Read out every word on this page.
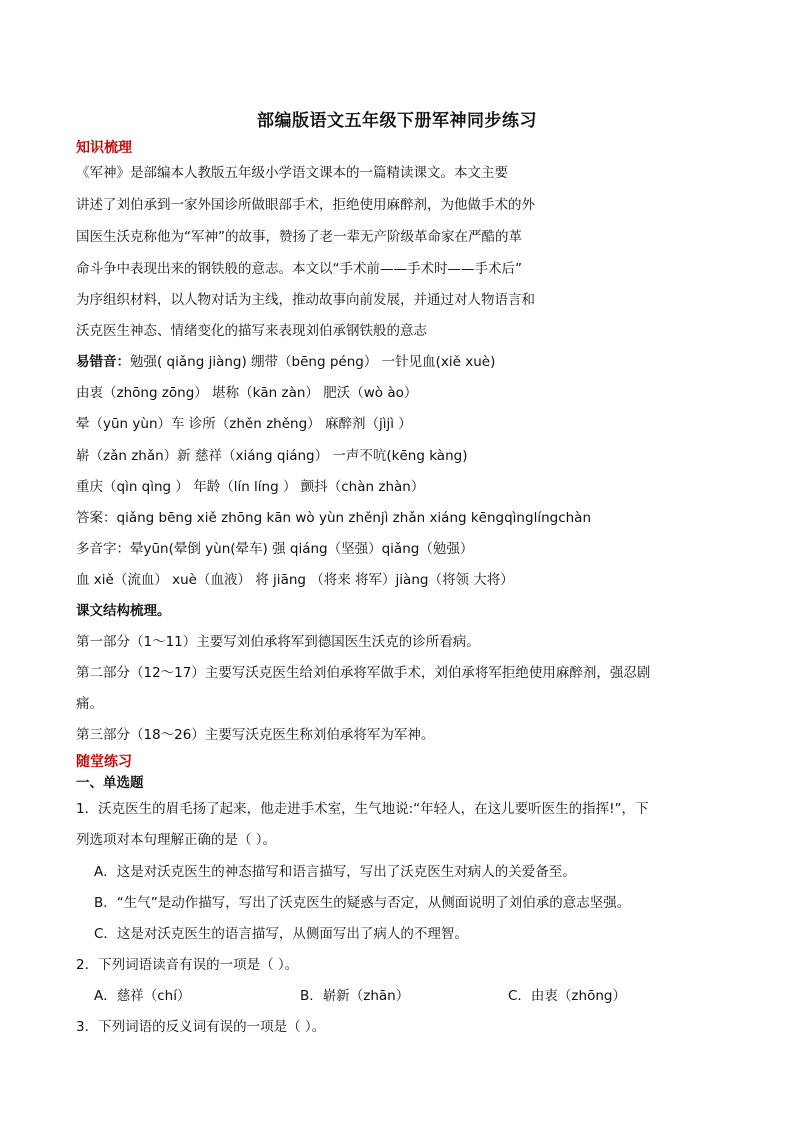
部编版语文五年级下册军神同步练习
知识梳理
《军神》是部编本人教版五年级小学语文课本的一篇精读课文。本文主要
讲述了刘伯承到一家外国诊所做眼部手术，拒绝使用麻醉剂，为他做手术的外
国医生沃克称他为“军神”的故事，赞扬了老一辈无产阶级革命家在严酷的革
命斗争中表现出来的钢铁般的意志。本文以“手术前——手术时——手术后”
为序组织材料，以人物对话为主线，推动故事向前发展，并通过对人物语言和
沃克医生神态、情绪变化的描写来表现刘伯承钢铁般的意志
易错音：勉强( qiǎng jiàng) 绷带（bēng péng） 一针见血(xiě xuè)
由衷（zhōng zōng） 堪称（kān zàn） 肥沃（wò ào）
晕（yūn yùn）车 诊所（zhěn zhěng） 麻醉剂（jìjì ）
崭（zǎn zhǎn）新 慈祥（xiáng qiáng） 一声不吭(kēng kàng)
重庆（qìn qìng ） 年龄（lín líng ） 颤抖（chàn zhàn）
答案：qiǎng bēng xiě zhōng kān wò yùn zhěnjì zhǎn xiáng kēngqìnglíngchàn
多音字：晕yūn(晕倒 yùn(晕车) 强 qiáng（坚强）qiǎng（勉强）
血 xiě（流血） xuè（血液） 将 jiāng （将来 将军）jiàng（将领 大将）
课文结构梳理。
第一部分（1～11）主要写刘伯承将军到德国医生沃克的诊所看病。
第二部分（12～17）主要写沃克医生给刘伯承将军做手术，刘伯承将军拒绝使用麻醉剂，强忍剧
痛。
第三部分（18～26）主要写沃克医生称刘伯承将军为军神。
随堂练习
一、单选题
1．沃克医生的眉毛扬了起来，他走进手术室，生气地说:“年轻人，在这儿要听医生的指挥!”，下
列选项对本句理解正确的是（ ）。
A．这是对沃克医生的神态描写和语言描写，写出了沃克医生对病人的关爱备至。
B．“生气”是动作描写，写出了沃克医生的疑惑与否定，从侧面说明了刘伯承的意志坚强。
C．这是对沃克医生的语言描写，从侧面写出了病人的不理智。
2．下列词语读音有误的一项是（ ）。
A．慈祥（chí）	B．崭新（zhān）	C．由衷（zhōng）
3．下列词语的反义词有误的一项是（ ）。
